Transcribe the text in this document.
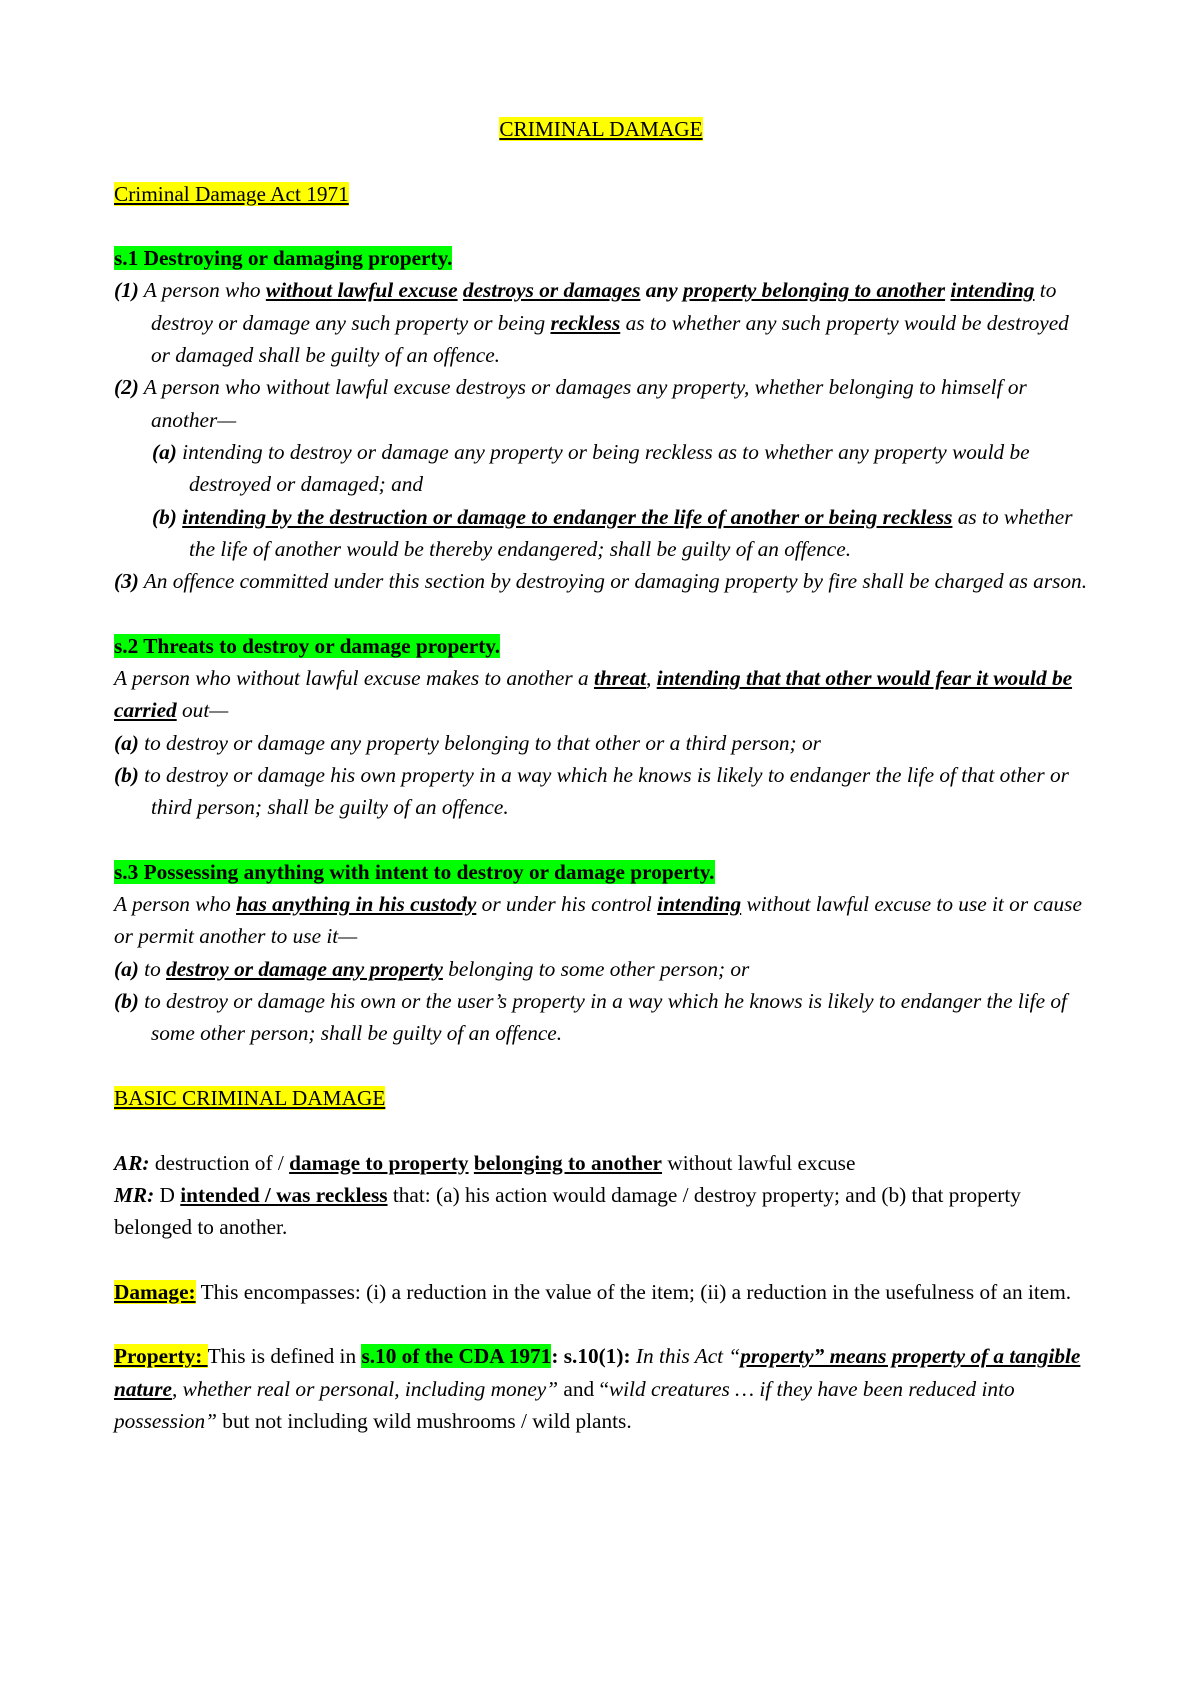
CRIMINAL DAMAGE

Criminal Damage Act 1971

s.1 Destroying or damaging property.

(1) A person who without lawful excuse destroys or damages any property belonging to another intending to destroy or damage any such property or being reckless as to whether any such property would be destroyed or damaged shall be guilty of an offence.

(2) A person who without lawful excuse destroys or damages any property, whether belonging to himself or another—

(a) intending to destroy or damage any property or being reckless as to whether any property would be destroyed or damaged; and

(b) intending by the destruction or damage to endanger the life of another or being reckless as to whether the life of another would be thereby endangered; shall be guilty of an offence.

(3) An offence committed under this section by destroying or damaging property by fire shall be charged as arson.

s.2 Threats to destroy or damage property.

A person who without lawful excuse makes to another a threat, intending that that other would fear it would be carried out—

(a) to destroy or damage any property belonging to that other or a third person; or

(b) to destroy or damage his own property in a way which he knows is likely to endanger the life of that other or third person; shall be guilty of an offence.

s.3 Possessing anything with intent to destroy or damage property.

A person who has anything in his custody or under his control intending without lawful excuse to use it or cause or permit another to use it—

(a) to destroy or damage any property belonging to some other person; or

(b) to destroy or damage his own or the user’s property in a way which he knows is likely to endanger the life of some other person; shall be guilty of an offence.

BASIC CRIMINAL DAMAGE

AR: destruction of / damage to property belonging to another without lawful excuse

MR: D intended / was reckless that: (a) his action would damage / destroy property; and (b) that property belonged to another.

Damage: This encompasses: (i) a reduction in the value of the item; (ii) a reduction in the usefulness of an item.

Property: This is defined in s.10 of the CDA 1971: s.10(1): In this Act “property” means property of a tangible nature, whether real or personal, including money” and “wild creatures … if they have been reduced into possession” but not including wild mushrooms / wild plants.
